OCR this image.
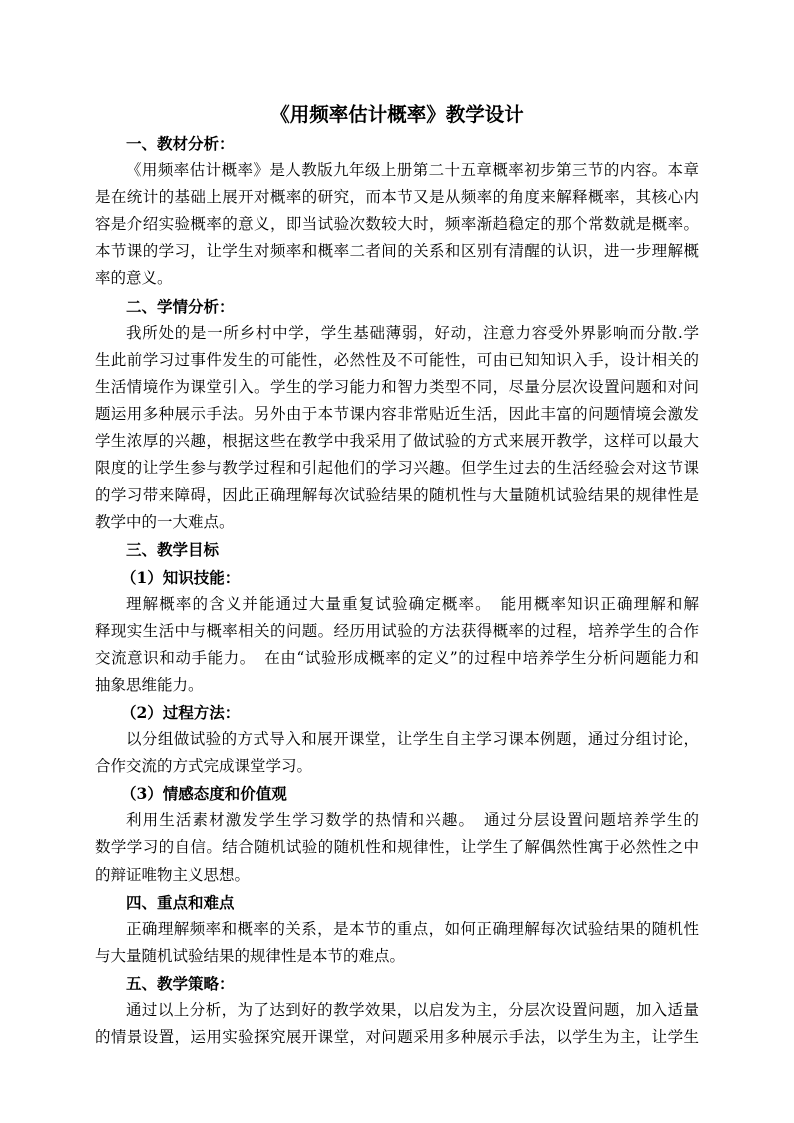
《用频率估计概率》教学设计
一、教材分析：
《用频率估计概率》是人教版九年级上册第二十五章概率初步第三节的内容。本章
是在统计的基础上展开对概率的研究，而本节又是从频率的角度来解释概率，其核心内
容是介绍实验概率的意义，即当试验次数较大时，频率渐趋稳定的那个常数就是概率。
本节课的学习，让学生对频率和概率二者间的关系和区别有清醒的认识，进一步理解概
率的意义。
二、学情分析：
我所处的是一所乡村中学，学生基础薄弱，好动，注意力容受外界影响而分散.学
生此前学习过事件发生的可能性，必然性及不可能性，可由已知知识入手，设计相关的
生活情境作为课堂引入。学生的学习能力和智力类型不同，尽量分层次设置问题和对问
题运用多种展示手法。另外由于本节课内容非常贴近生活，因此丰富的问题情境会激发
学生浓厚的兴趣，根据这些在教学中我采用了做试验的方式来展开教学，这样可以最大
限度的让学生参与教学过程和引起他们的学习兴趣。但学生过去的生活经验会对这节课
的学习带来障碍，因此正确理解每次试验结果的随机性与大量随机试验结果的规律性是
教学中的一大难点。
三、教学目标
（1）知识技能：
理解概率的含义并能通过大量重复试验确定概率。　能用概率知识正确理解和解
释现实生活中与概率相关的问题。经历用试验的方法获得概率的过程，培养学生的合作
交流意识和动手能力。　在由“试验形成概率的定义”的过程中培养学生分析问题能力和
抽象思维能力。
（2）过程方法：
以分组做试验的方式导入和展开课堂，让学生自主学习课本例题，通过分组讨论，
合作交流的方式完成课堂学习。
（3）情感态度和价值观
利用生活素材激发学生学习数学的热情和兴趣。　通过分层设置问题培养学生的
数学学习的自信。结合随机试验的随机性和规律性，让学生了解偶然性寓于必然性之中
的辩证唯物主义思想。
四、重点和难点
正确理解频率和概率的关系，是本节的重点，如何正确理解每次试验结果的随机性
与大量随机试验结果的规律性是本节的难点。
五、教学策略：
通过以上分析，为了达到好的教学效果，以启发为主，分层次设置问题，加入适量
的情景设置，运用实验探究展开课堂，对问题采用多种展示手法，以学生为主，让学生
